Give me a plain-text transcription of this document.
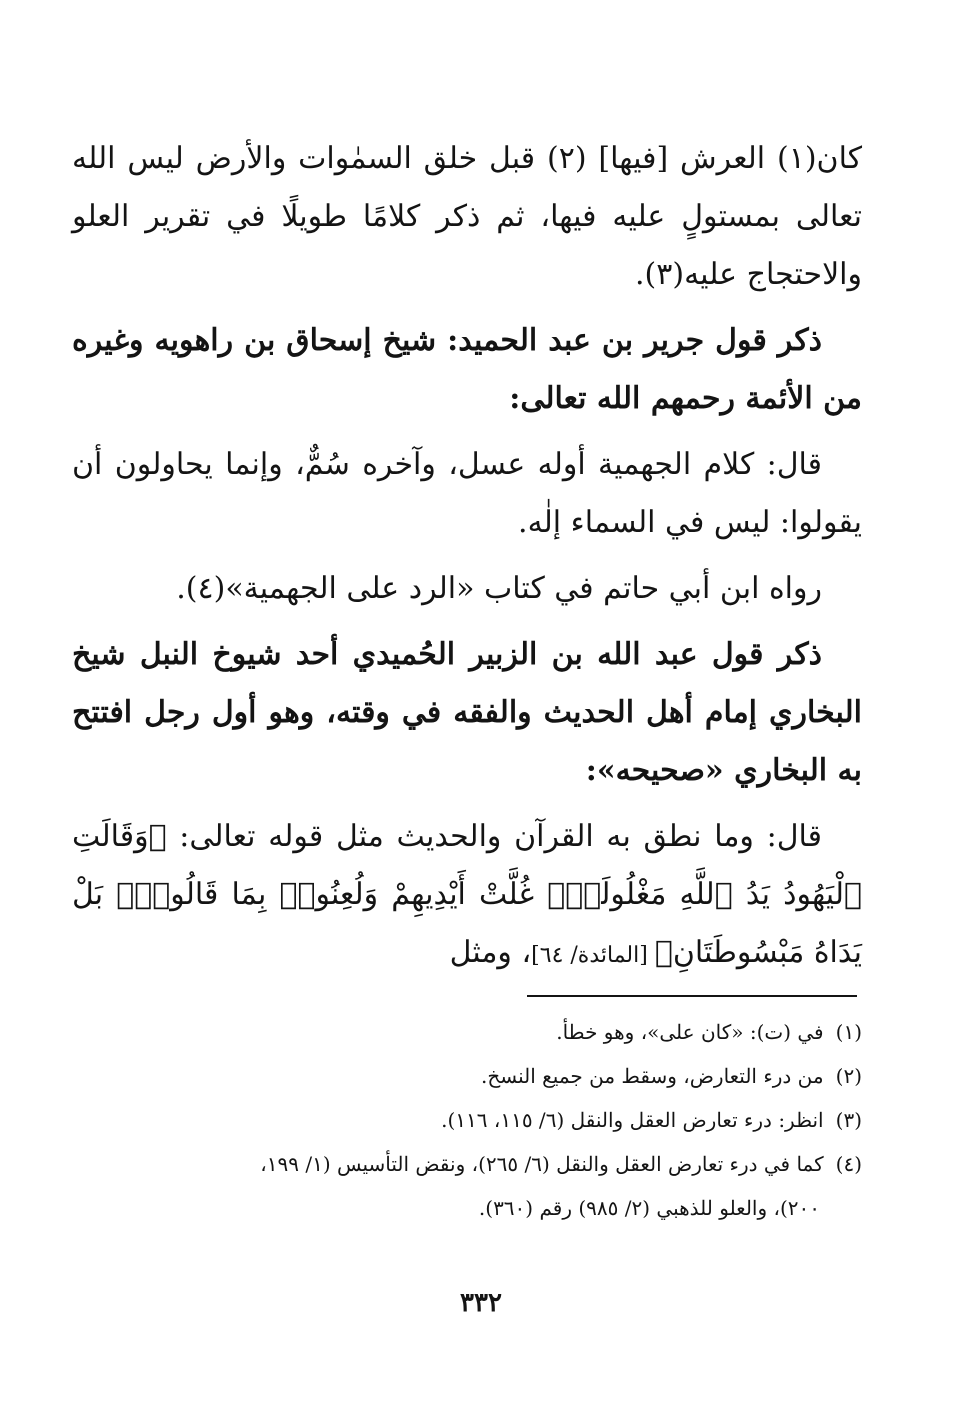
كان(١) العرش [فيها] (٢) قبل خلق السمٰوات والأرض ليس الله تعالى بمستولٍ عليه فيها، ثم ذكر كلامًا طويلًا في تقرير العلو والاحتجاج عليه(٣).

ذكر قول جرير بن عبد الحميد: شيخ إسحاق بن راهويه وغيره من الأئمة رحمهم الله تعالى:

قال: كلام الجهمية أوله عسل، وآخره سُمٌّ، وإنما يحاولون أن يقولوا: ليس في السماء إلٰه.

رواه ابن أبي حاتم في كتاب «الرد على الجهمية»(٤).

ذكر قول عبد الله بن الزبير الحُميدي أحد شيوخ النبل شيخ البخاري إمام أهل الحديث والفقه في وقته، وهو أول رجل افتتح به البخاري «صحيحه»:

قال: وما نطق به القرآن والحديث مثل قوله تعالى: ﴿وَقَالَتِ ٱلْيَهُودُ يَدُ ٱللَّهِ مَغْلُولَةٌۚ غُلَّتْ أَيْدِيهِمْ وَلُعِنُوا۟ بِمَا قَالُوا۟ۘ بَلْ يَدَاهُ مَبْسُوطَتَانِ﴾ [المائدة/ ٦٤]، ومثل

(١)في (ت): «كان على»، وهو خطأ.

(٢)من درء التعارض، وسقط من جميع النسخ.

(٣)انظر: درء تعارض العقل والنقل (٦/ ١١٥، ١١٦).

(٤)كما في درء تعارض العقل والنقل (٦/ ٢٦٥)، ونقض التأسيس (١/ ١٩٩،

٢٠٠)، والعلو للذهبي (٢/ ٩٨٥) رقم (٣٦٠).

٣٣٢
